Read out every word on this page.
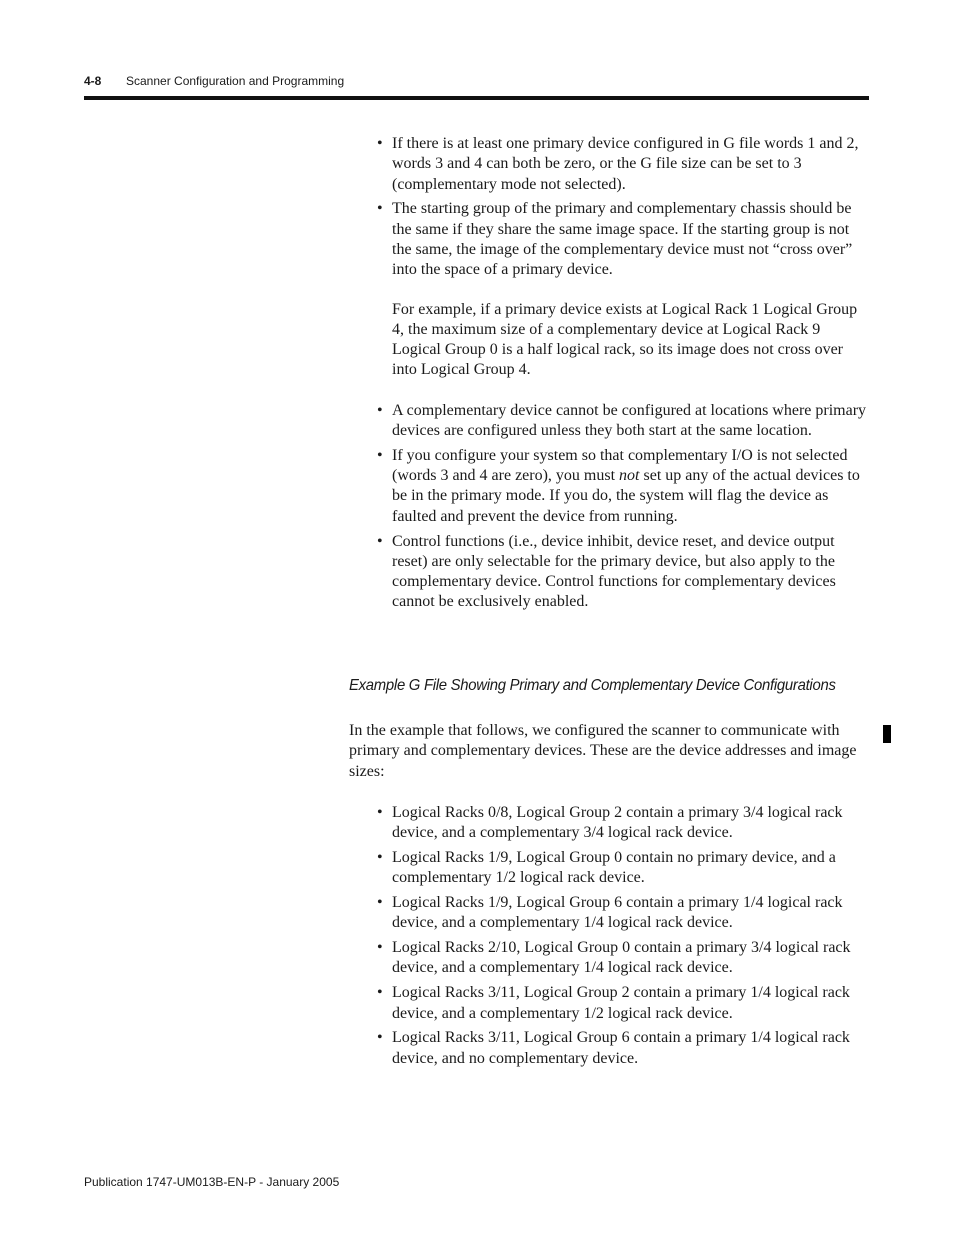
4-8 Scanner Configuration and Programming
• If there is at least one primary device configured in G file words 1 and 2, words 3 and 4 can both be zero, or the G file size can be set to 3 (complementary mode not selected).
• The starting group of the primary and complementary chassis should be the same if they share the same image space. If the starting group is not the same, the image of the complementary device must not “cross over” into the space of a primary device.
For example, if a primary device exists at Logical Rack 1 Logical Group 4, the maximum size of a complementary device at Logical Rack 9 Logical Group 0 is a half logical rack, so its image does not cross over into Logical Group 4.
• A complementary device cannot be configured at locations where primary devices are configured unless they both start at the same location.
• If you configure your system so that complementary I/O is not selected (words 3 and 4 are zero), you must not set up any of the actual devices to be in the primary mode. If you do, the system will flag the device as faulted and prevent the device from running.
• Control functions (i.e., device inhibit, device reset, and device output reset) are only selectable for the primary device, but also apply to the complementary device. Control functions for complementary devices cannot be exclusively enabled.
Example G File Showing Primary and Complementary Device Configurations

In the example that follows, we configured the scanner to communicate with primary and complementary devices. These are the device addresses and image sizes:

• Logical Racks 0/8, Logical Group 2 contain a primary 3/4 logical rack device, and a complementary 3/4 logical rack device.
• Logical Racks 1/9, Logical Group 0 contain no primary device, and a complementary 1/2 logical rack device.
• Logical Racks 1/9, Logical Group 6 contain a primary 1/4 logical rack device, and a complementary 1/4 logical rack device.
• Logical Racks 2/10, Logical Group 0 contain a primary 3/4 logical rack device, and a complementary 1/4 logical rack device.
• Logical Racks 3/11, Logical Group 2 contain a primary 1/4 logical rack device, and a complementary 1/2 logical rack device.
• Logical Racks 3/11, Logical Group 6 contain a primary 1/4 logical rack device, and no complementary device.
Publication 1747-UM013B-EN-P - January 2005
